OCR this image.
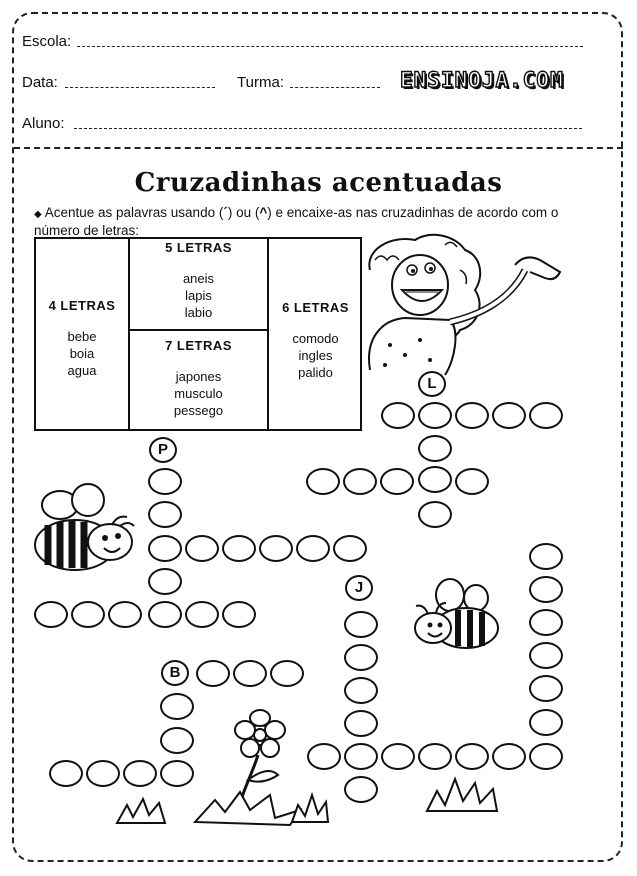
Escola:
Data:	Turma:	ENSINOJA.COM
Aluno:
Cruzadinhas acentuadas
◆ Acentue as palavras usando (´) ou (^) e encaixe-as nas cruzadinhas de acordo com o número de letras:
4 LETRAS
bebe
boia
agua
5 LETRAS
aneis
lapis
labio
7 LETRAS
japones
musculo
pessego
6 LETRAS
comodo
ingles
palido
L
P
J
B
